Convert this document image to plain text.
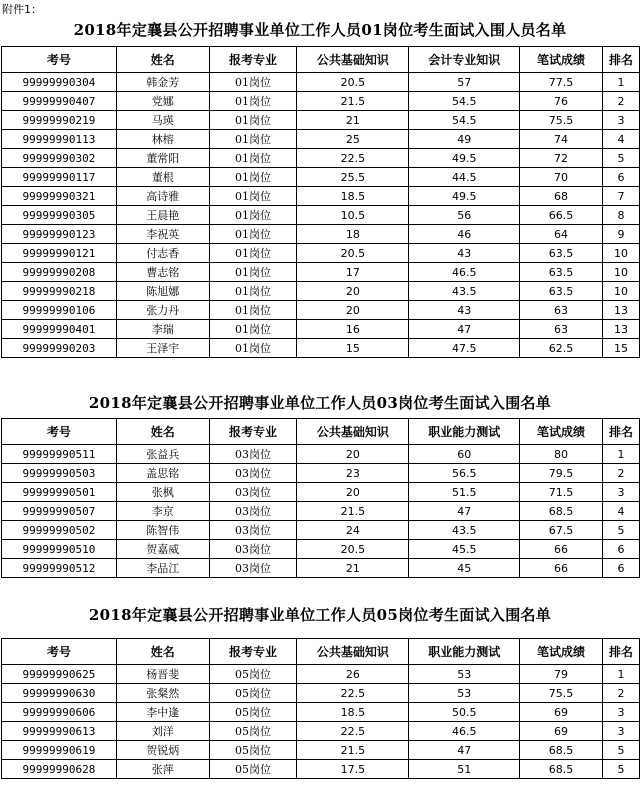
附件1：
2018年定襄县公开招聘事业单位工作人员01岗位考生面试入围人员名单
考号	姓名	报考专业	公共基础知识	会计专业知识	笔试成绩	排名
99999990304	韩金芳	01岗位	20.5	57	77.5	1
99999990407	党娜	01岗位	21.5	54.5	76	2
99999990219	马瑛	01岗位	21	54.5	75.5	3
99999990113	林榕	01岗位	25	49	74	4
99999990302	董常阳	01岗位	22.5	49.5	72	5
99999990117	董根	01岗位	25.5	44.5	70	6
99999990321	高诗雅	01岗位	18.5	49.5	68	7
99999990305	王晨艳	01岗位	10.5	56	66.5	8
99999990123	李祝英	01岗位	18	46	64	9
99999990121	付志香	01岗位	20.5	43	63.5	10
99999990208	曹志铭	01岗位	17	46.5	63.5	10
99999990218	陈旭娜	01岗位	20	43.5	63.5	10
99999990106	张力丹	01岗位	20	43	63	13
99999990401	李瑞	01岗位	16	47	63	13
99999990203	王泽宇	01岗位	15	47.5	62.5	15
2018年定襄县公开招聘事业单位工作人员03岗位考生面试入围名单
考号	姓名	报考专业	公共基础知识	职业能力测试	笔试成绩	排名
99999990511	张益兵	03岗位	20	60	80	1
99999990503	盖思铭	03岗位	23	56.5	79.5	2
99999990501	张枫	03岗位	20	51.5	71.5	3
99999990507	李京	03岗位	21.5	47	68.5	4
99999990502	陈智伟	03岗位	24	43.5	67.5	5
99999990510	贺嘉威	03岗位	20.5	45.5	66	6
99999990512	李品江	03岗位	21	45	66	6
2018年定襄县公开招聘事业单位工作人员05岗位考生面试入围名单
考号	姓名	报考专业	公共基础知识	职业能力测试	笔试成绩	排名
99999990625	杨晋斐	05岗位	26	53	79	1
99999990630	张粲然	05岗位	22.5	53	75.5	2
99999990606	李中逢	05岗位	18.5	50.5	69	3
99999990613	刘洋	05岗位	22.5	46.5	69	3
99999990619	贺锐炳	05岗位	21.5	47	68.5	5
99999990628	张萍	05岗位	17.5	51	68.5	5
